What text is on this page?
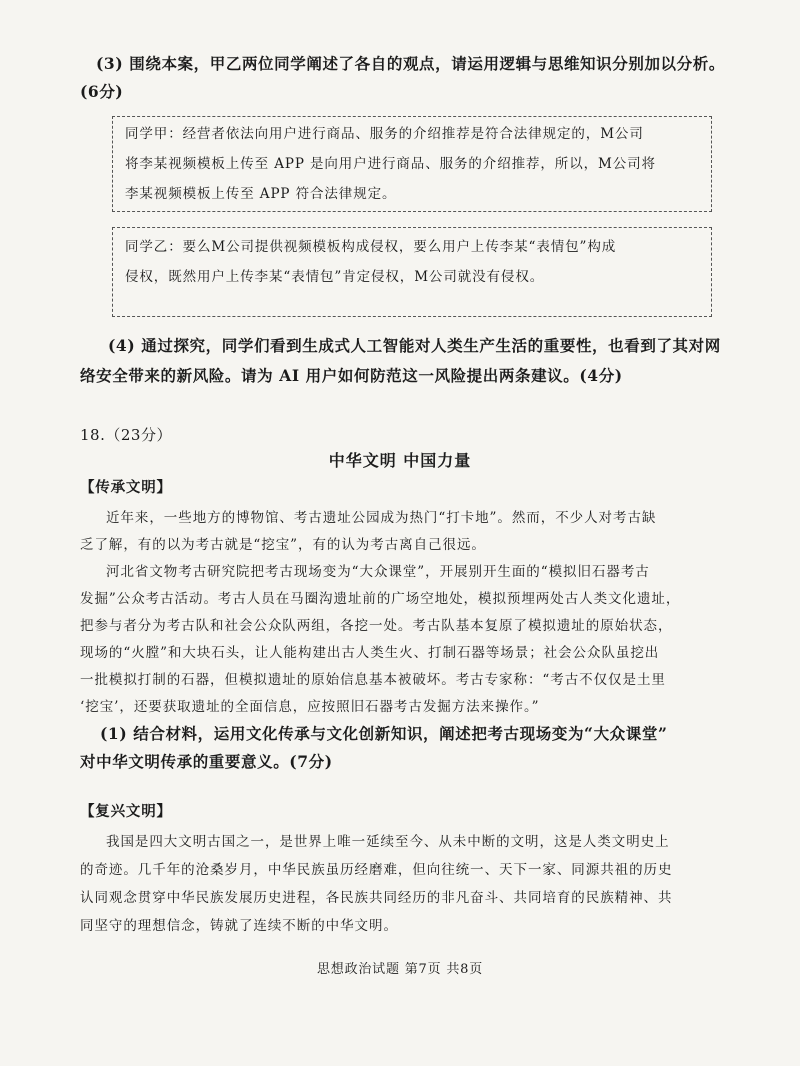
(3) 围绕本案，甲乙两位同学阐述了各自的观点，请运用逻辑与思维知识分别加以分析。
(6分)
同学甲：经营者依法向用户进行商品、服务的介绍推荐是符合法律规定的，M公司
将李某视频模板上传至 APP 是向用户进行商品、服务的介绍推荐，所以，M公司将
李某视频模板上传至 APP 符合法律规定。
同学乙：要么M公司提供视频模板构成侵权，要么用户上传李某“表情包”构成
侵权，既然用户上传李某“表情包”肯定侵权，M公司就没有侵权。
(4) 通过探究，同学们看到生成式人工智能对人类生产生活的重要性，也看到了其对网
络安全带来的新风险。请为 AI 用户如何防范这一风险提出两条建议。(4分)
18.（23分）
中华文明 中国力量
【传承文明】
近年来，一些地方的博物馆、考古遗址公园成为热门“打卡地”。然而，不少人对考古缺
乏了解，有的以为考古就是“挖宝”，有的认为考古离自己很远。
河北省文物考古研究院把考古现场变为“大众课堂”，开展别开生面的“模拟旧石器考古
发掘”公众考古活动。考古人员在马圈沟遗址前的广场空地处，模拟预埋两处古人类文化遗址，
把参与者分为考古队和社会公众队两组，各挖一处。考古队基本复原了模拟遗址的原始状态，
现场的“火膛”和大块石头，让人能构建出古人类生火、打制石器等场景；社会公众队虽挖出
一批模拟打制的石器，但模拟遗址的原始信息基本被破坏。考古专家称：“考古不仅仅是土里
‘挖宝’，还要获取遗址的全面信息，应按照旧石器考古发掘方法来操作。”
(1) 结合材料，运用文化传承与文化创新知识，阐述把考古现场变为“大众课堂”
对中华文明传承的重要意义。(7分)
【复兴文明】
我国是四大文明古国之一，是世界上唯一延续至今、从未中断的文明，这是人类文明史上
的奇迹。几千年的沧桑岁月，中华民族虽历经磨难，但向往统一、天下一家、同源共祖的历史
认同观念贯穿中华民族发展历史进程，各民族共同经历的非凡奋斗、共同培育的民族精神、共
同坚守的理想信念，铸就了连续不断的中华文明。
思想政治试题 第7页 共8页
